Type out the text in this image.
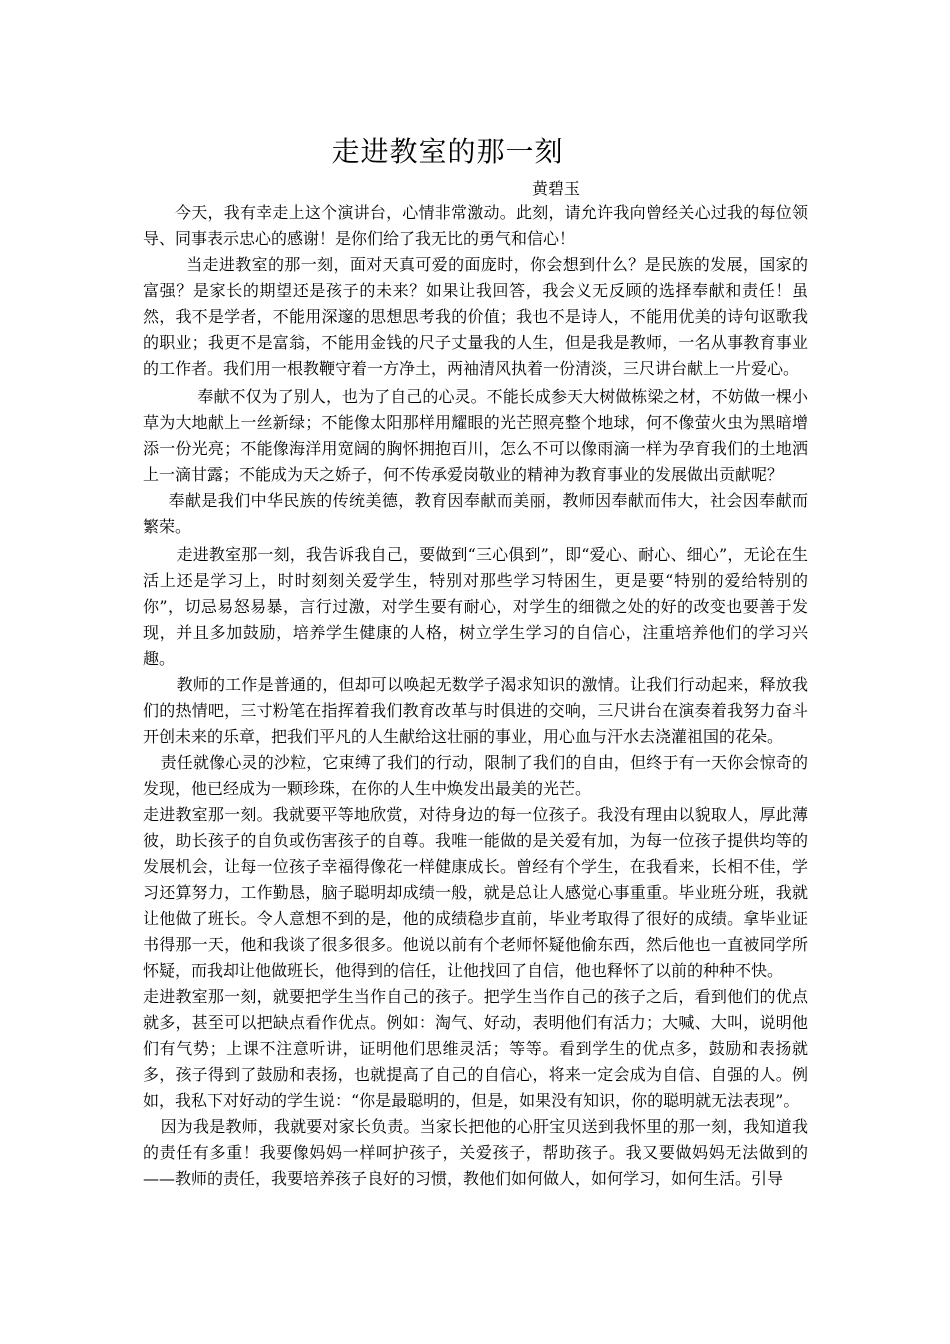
走进教室的那一刻
黄碧玉

今天，我有幸走上这个演讲台，心情非常激动。此刻，请允许我向曾经关心过我的每位领导、同事表示忠心的感谢！是你们给了我无比的勇气和信心！

当走进教室的那一刻，面对天真可爱的面庞时，你会想到什么？是民族的发展，国家的富强？是家长的期望还是孩子的未来？如果让我回答，我会义无反顾的选择奉献和责任！虽然，我不是学者，不能用深邃的思想思考我的价值；我也不是诗人，不能用优美的诗句讴歌我的职业；我更不是富翁，不能用金钱的尺子丈量我的人生，但是我是教师，一名从事教育事业的工作者。我们用一根教鞭守着一方净土，两袖清风执着一份清淡，三尺讲台献上一片爱心。

奉献不仅为了别人，也为了自己的心灵。不能长成参天大树做栋梁之材，不妨做一棵小草为大地献上一丝新绿；不能像太阳那样用耀眼的光芒照亮整个地球，何不像萤火虫为黑暗增添一份光亮；不能像海洋用宽阔的胸怀拥抱百川，怎么不可以像雨滴一样为孕育我们的土地洒上一滴甘露；不能成为天之娇子，何不传承爱岗敬业的精神为教育事业的发展做出贡献呢？

奉献是我们中华民族的传统美德，教育因奉献而美丽，教师因奉献而伟大，社会因奉献而繁荣。

走进教室那一刻，我告诉我自己，要做到“三心俱到”，即“爱心、耐心、细心”，无论在生活上还是学习上，时时刻刻关爱学生，特别对那些学习特困生，更是要“特别的爱给特别的你”，切忌易怒易暴，言行过激，对学生要有耐心，对学生的细微之处的好的改变也要善于发现，并且多加鼓励，培养学生健康的人格，树立学生学习的自信心，注重培养他们的学习兴趣。

教师的工作是普通的，但却可以唤起无数学子渴求知识的激情。让我们行动起来，释放我们的热情吧，三寸粉笔在指挥着我们教育改革与时俱进的交响，三尺讲台在演奏着我努力奋斗开创未来的乐章，把我们平凡的人生献给这壮丽的事业，用心血与汗水去浇灌祖国的花朵。

责任就像心灵的沙粒，它束缚了我们的行动，限制了我们的自由，但终于有一天你会惊奇的发现，他已经成为一颗珍珠，在你的人生中焕发出最美的光芒。

走进教室那一刻。我就要平等地欣赏，对待身边的每一位孩子。我没有理由以貌取人，厚此薄彼，助长孩子的自负或伤害孩子的自尊。我唯一能做的是关爱有加，为每一位孩子提供均等的发展机会，让每一位孩子幸福得像花一样健康成长。曾经有个学生，在我看来，长相不佳，学习还算努力，工作勤恳，脑子聪明却成绩一般，就是总让人感觉心事重重。毕业班分班，我就让他做了班长。令人意想不到的是，他的成绩稳步直前，毕业考取得了很好的成绩。拿毕业证书得那一天，他和我谈了很多很多。他说以前有个老师怀疑他偷东西，然后他也一直被同学所怀疑，而我却让他做班长，他得到的信任，让他找回了自信，他也释怀了以前的种种不快。

走进教室那一刻，就要把学生当作自己的孩子。把学生当作自己的孩子之后，看到他们的优点就多，甚至可以把缺点看作优点。例如：淘气、好动，表明他们有活力；大喊、大叫，说明他们有气势；上课不注意听讲，证明他们思维灵活；等等。看到学生的优点多，鼓励和表扬就多，孩子得到了鼓励和表扬，也就提高了自己的自信心，将来一定会成为自信、自强的人。例如，我私下对好动的学生说：“你是最聪明的，但是，如果没有知识，你的聪明就无法表现”。

因为我是教师，我就要对家长负责。当家长把他的心肝宝贝送到我怀里的那一刻，我知道我的责任有多重！我要像妈妈一样呵护孩子，关爱孩子，帮助孩子。我又要做妈妈无法做到的——教师的责任，我要培养孩子良好的习惯，教他们如何做人，如何学习，如何生活。引导
